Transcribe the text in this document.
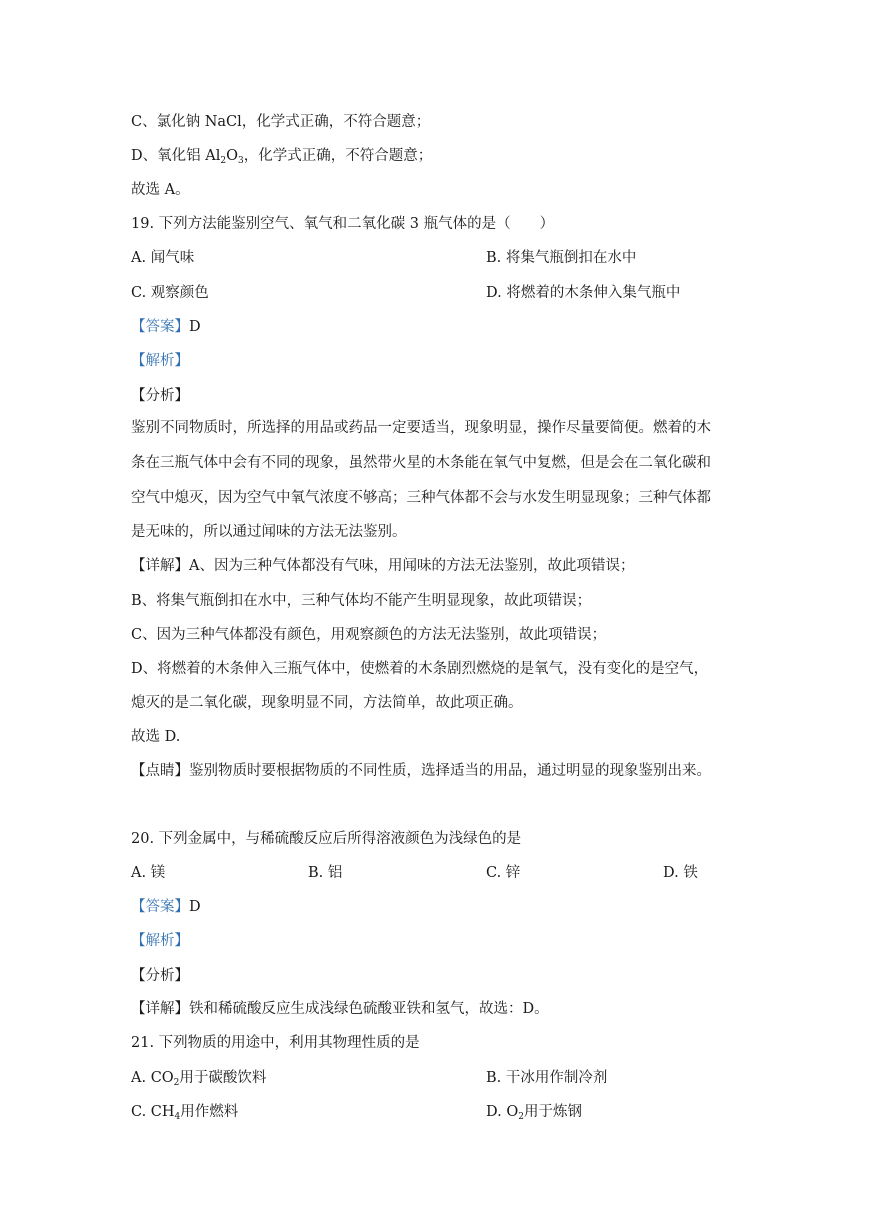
C、氯化钠 NaCl，化学式正确，不符合题意；
D、氧化铝 $Al_2O_3$，化学式正确，不符合题意；
故选 A。
19. 下列方法能鉴别空气、氧气和二氧化碳 3 瓶气体的是（　　）
A. 闻气味	B. 将集气瓶倒扣在水中
C. 观察颜色	D. 将燃着的木条伸入集气瓶中
【答案】D
【解析】
【分析】
鉴别不同物质时，所选择的用品或药品一定要适当，现象明显，操作尽量要简便。燃着的木
条在三瓶气体中会有不同的现象，虽然带火星的木条能在氧气中复燃，但是会在二氧化碳和
空气中熄灭，因为空气中氧气浓度不够高；三种气体都不会与水发生明显现象；三种气体都
是无味的，所以通过闻味的方法无法鉴别。
【详解】A、因为三种气体都没有气味，用闻味的方法无法鉴别，故此项错误；
B、将集气瓶倒扣在水中，三种气体均不能产生明显现象，故此项错误；
C、因为三种气体都没有颜色，用观察颜色的方法无法鉴别，故此项错误；
D、将燃着的木条伸入三瓶气体中，使燃着的木条剧烈燃烧的是氧气，没有变化的是空气，
熄灭的是二氧化碳，现象明显不同，方法简单，故此项正确。
故选 D.
【点睛】鉴别物质时要根据物质的不同性质，选择适当的用品，通过明显的现象鉴别出来。
20. 下列金属中，与稀硫酸反应后所得溶液颜色为浅绿色的是
A. 镁	B. 铝	C. 锌	D. 铁
【答案】D
【解析】
【分析】
【详解】铁和稀硫酸反应生成浅绿色硫酸亚铁和氢气，故选：D。
21. 下列物质的用途中，利用其物理性质的是
A. $CO_2$用于碳酸饮料	B. 干冰用作制冷剂
C. $CH_4$用作燃料	D. $O_2$用于炼钢
